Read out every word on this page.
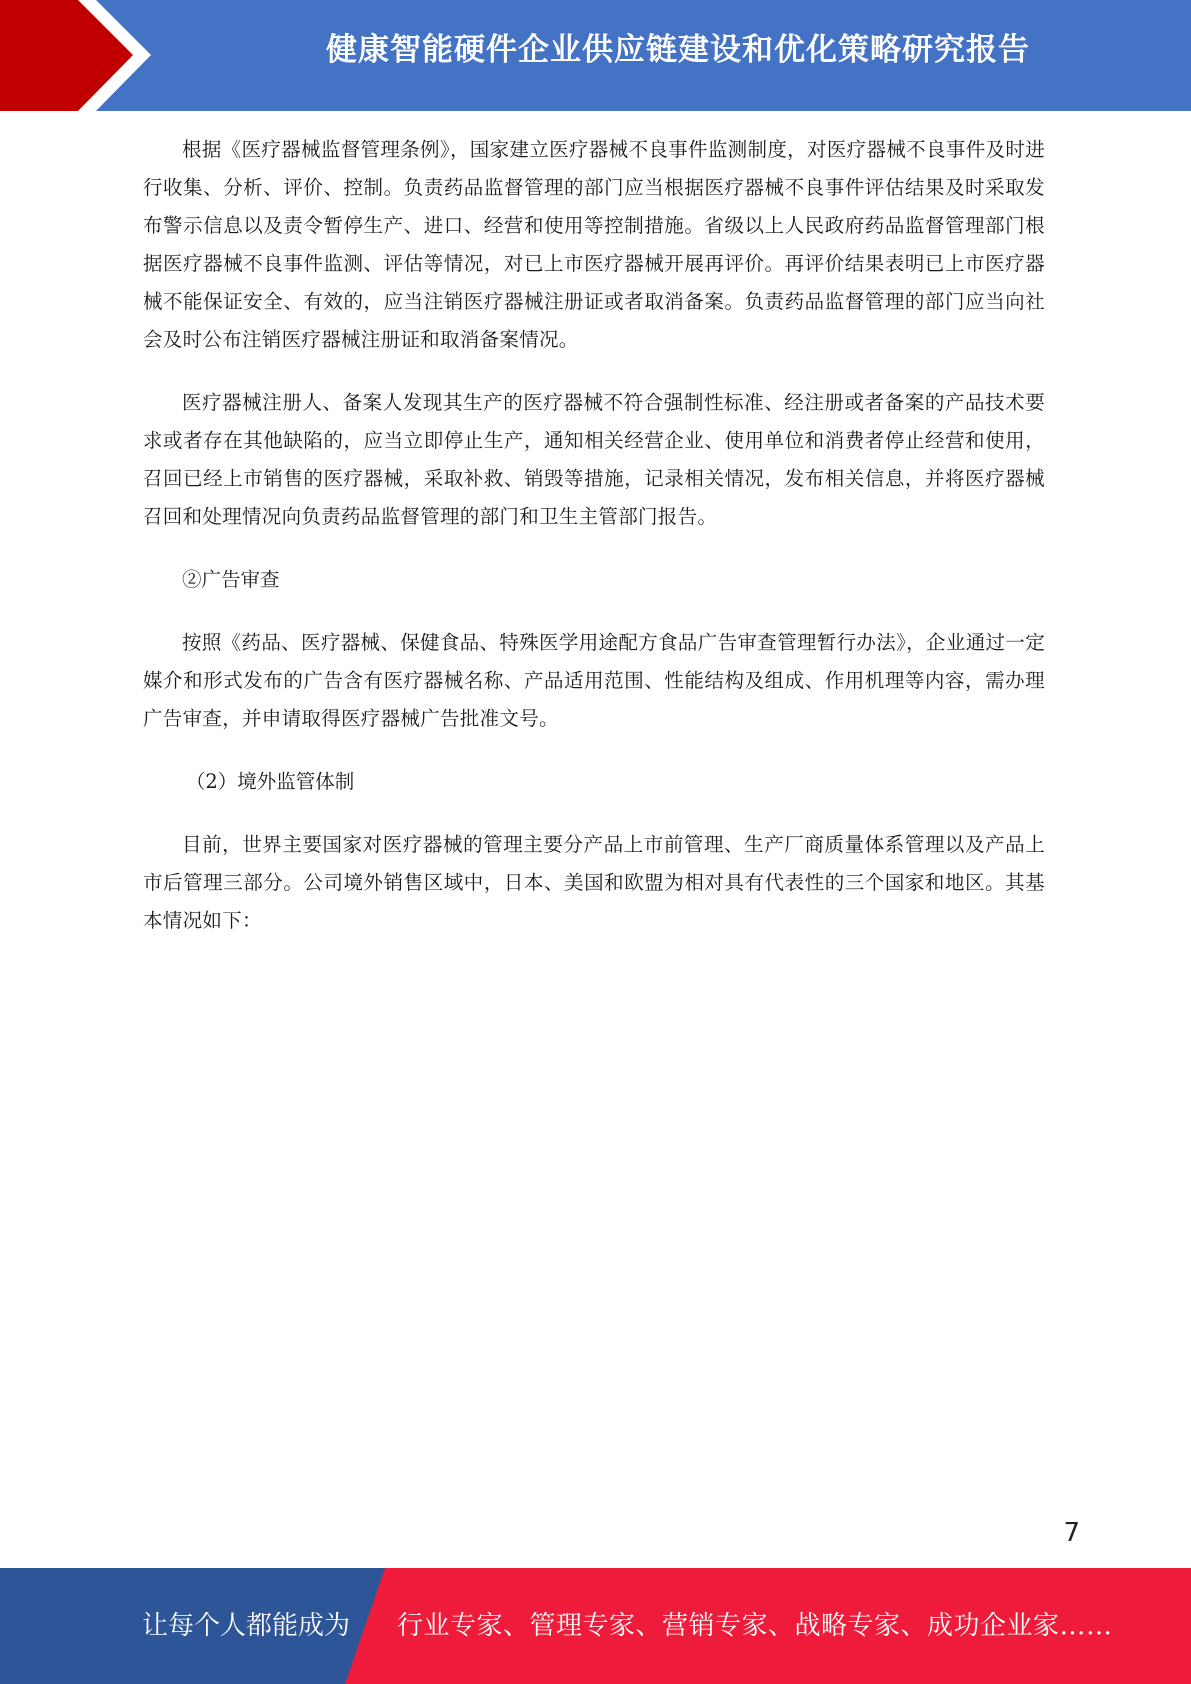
健康智能硬件企业供应链建设和优化策略研究报告

根据《医疗器械监督管理条例》，国家建立医疗器械不良事件监测制度，对医疗器械不良事件及时进行收集、分析、评价、控制。负责药品监督管理的部门应当根据医疗器械不良事件评估结果及时采取发布警示信息以及责令暂停生产、进口、经营和使用等控制措施。省级以上人民政府药品监督管理部门根据医疗器械不良事件监测、评估等情况，对已上市医疗器械开展再评价。再评价结果表明已上市医疗器械不能保证安全、有效的，应当注销医疗器械注册证或者取消备案。负责药品监督管理的部门应当向社会及时公布注销医疗器械注册证和取消备案情况。

医疗器械注册人、备案人发现其生产的医疗器械不符合强制性标准、经注册或者备案的产品技术要求或者存在其他缺陷的，应当立即停止生产，通知相关经营企业、使用单位和消费者停止经营和使用，召回已经上市销售的医疗器械，采取补救、销毁等措施，记录相关情况，发布相关信息，并将医疗器械召回和处理情况向负责药品监督管理的部门和卫生主管部门报告。

②广告审查

按照《药品、医疗器械、保健食品、特殊医学用途配方食品广告审查管理暂行办法》，企业通过一定媒介和形式发布的广告含有医疗器械名称、产品适用范围、性能结构及组成、作用机理等内容，需办理广告审查，并申请取得医疗器械广告批准文号。

（2）境外监管体制

目前，世界主要国家对医疗器械的管理主要分产品上市前管理、生产厂商质量体系管理以及产品上市后管理三部分。公司境外销售区域中，日本、美国和欧盟为相对具有代表性的三个国家和地区。其基本情况如下：

7
让每个人都能成为 行业专家、管理专家、营销专家、战略专家、成功企业家……
